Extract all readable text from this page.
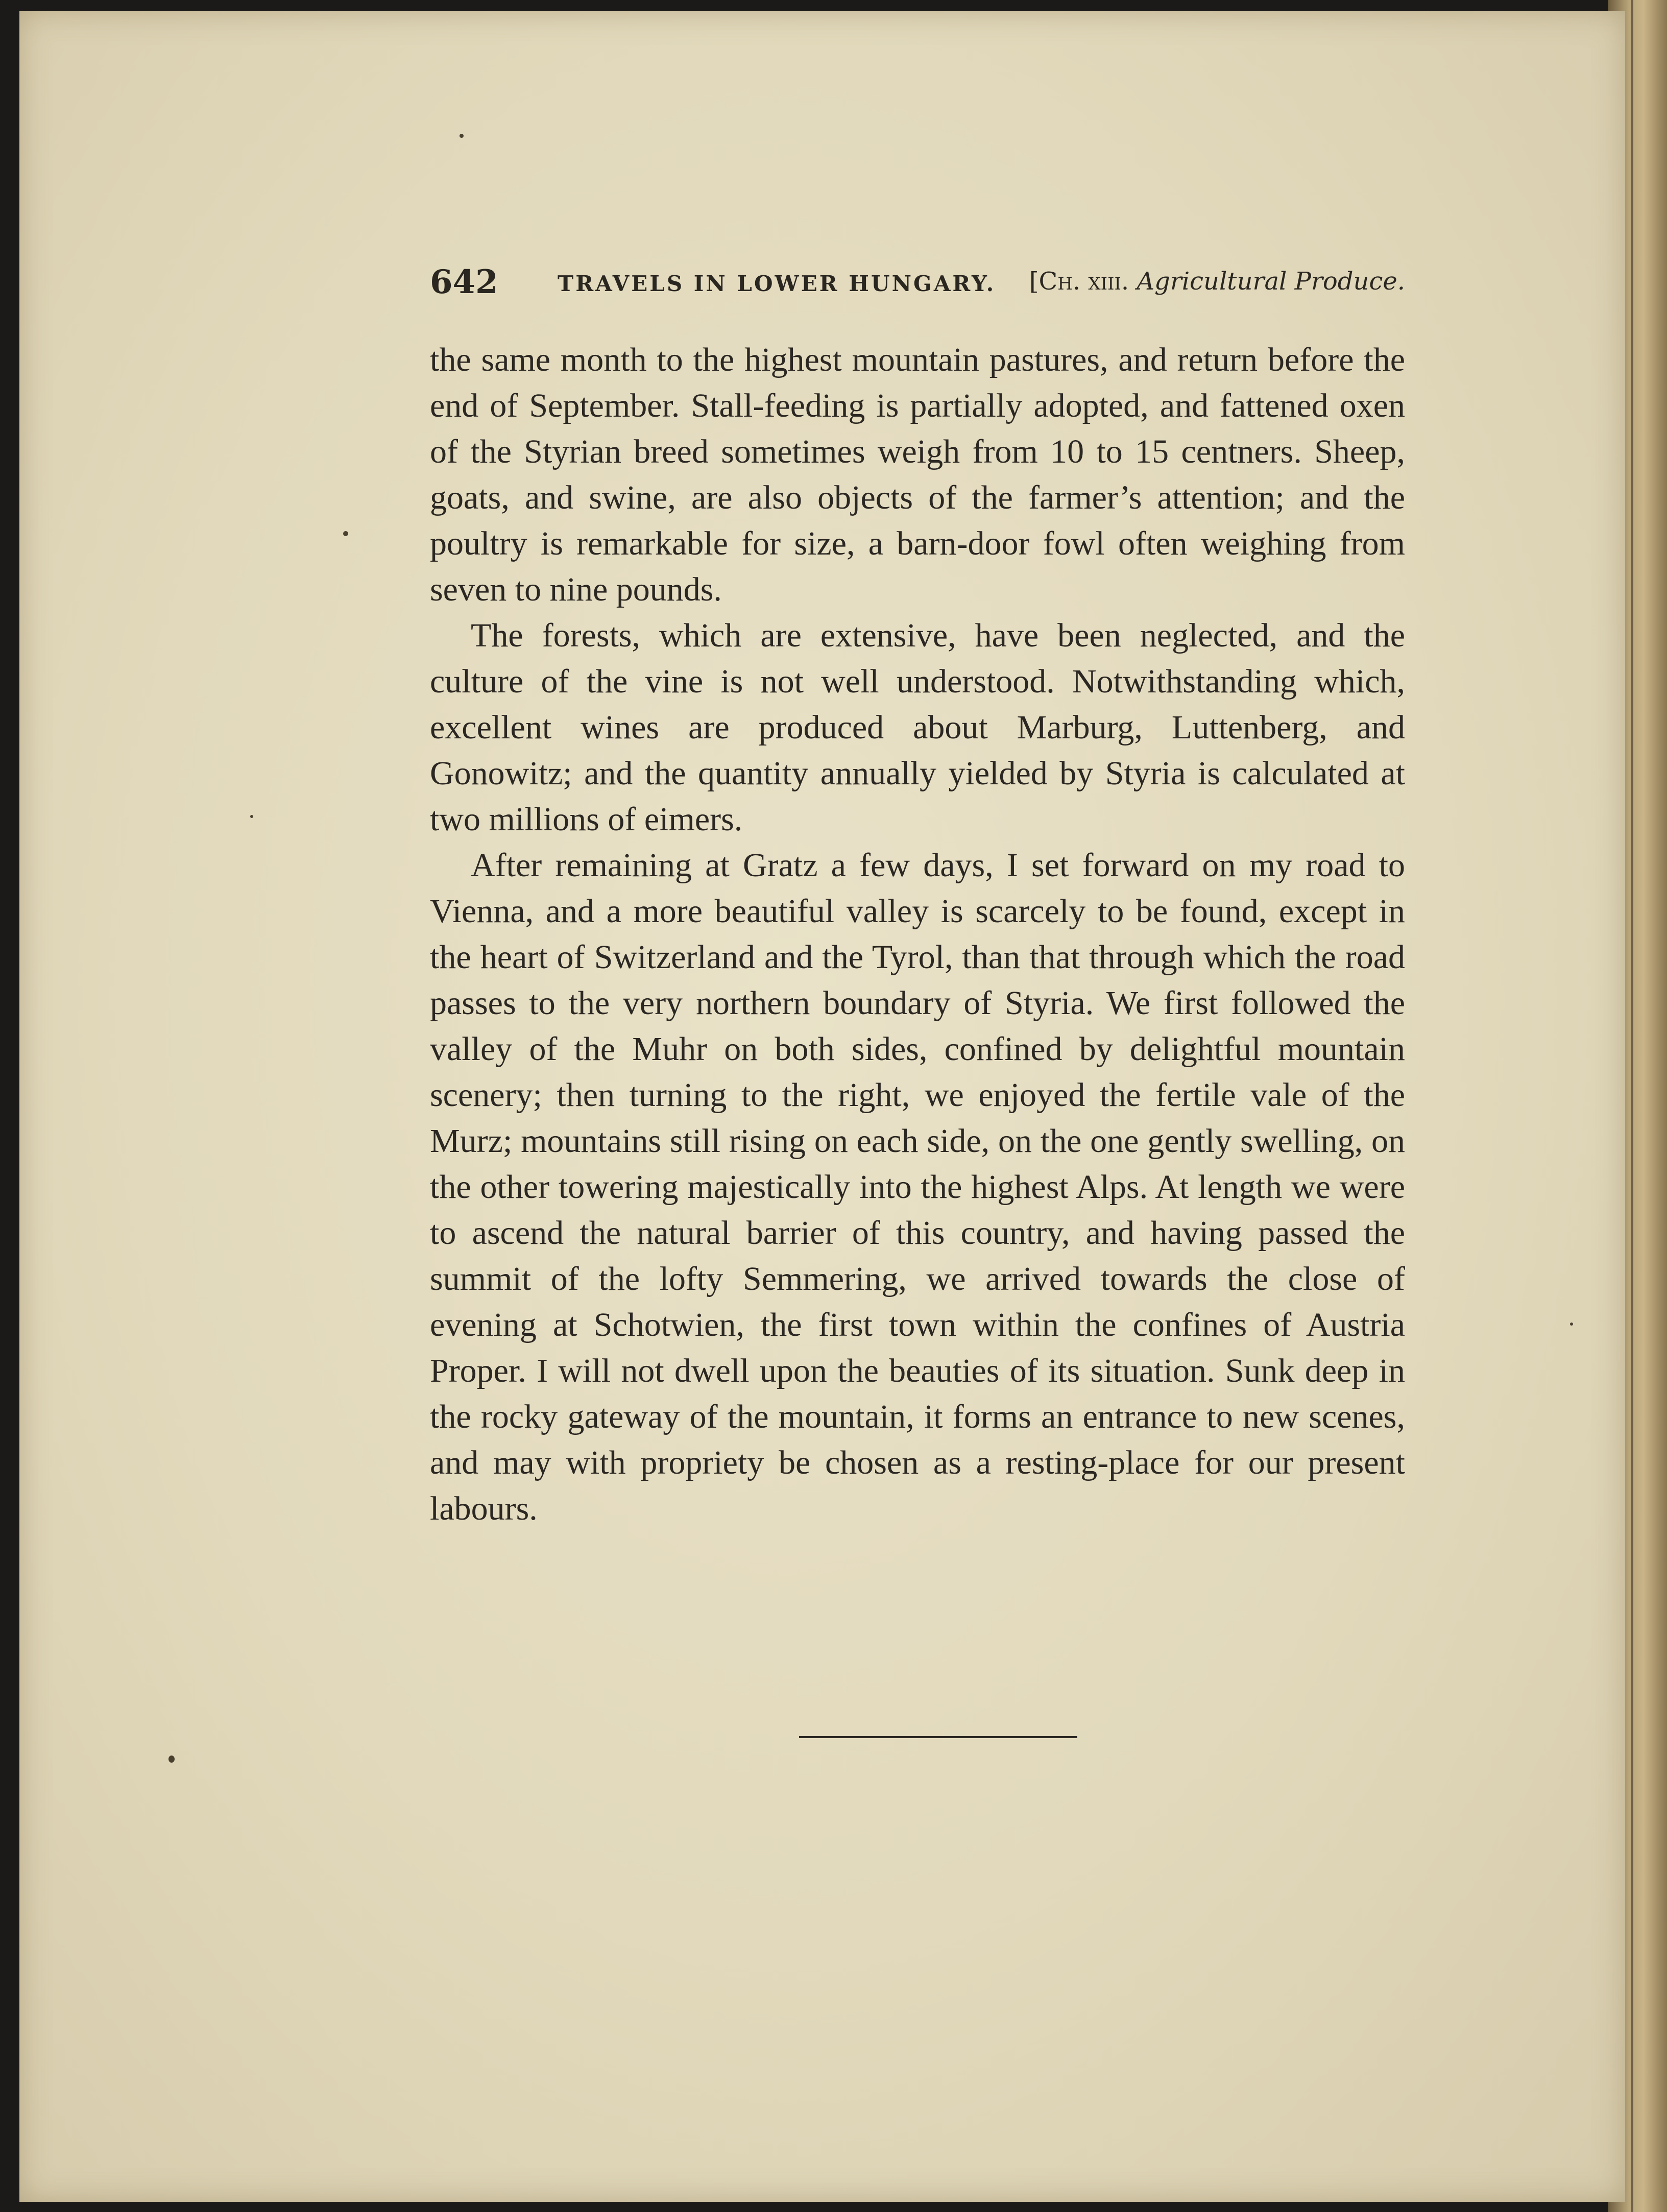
642	TRAVELS IN LOWER HUNGARY. [Ch. xiii. Agricultural Produce.

the same month to the highest mountain pastures, and return before the end of September. Stall-feeding is partially adopted, and fattened oxen of the Styrian breed sometimes weigh from 10 to 15 centners. Sheep, goats, and swine, are also objects of the farmer’s attention; and the poultry is remarkable for size, a barn-door fowl often weighing from seven to nine pounds.

The forests, which are extensive, have been neglected, and the culture of the vine is not well understood. Notwithstanding which, excellent wines are produced about Marburg, Luttenberg, and Gonowitz; and the quantity annually yielded by Styria is calculated at two millions of eimers.

After remaining at Gratz a few days, I set forward on my road to Vienna, and a more beautiful valley is scarcely to be found, except in the heart of Switzerland and the Tyrol, than that through which the road passes to the very northern boundary of Styria. We first followed the valley of the Muhr on both sides, confined by delightful mountain scenery; then turning to the right, we enjoyed the fertile vale of the Murz; mountains still rising on each side, on the one gently swelling, on the other towering majestically into the highest Alps. At length we were to ascend the natural barrier of this country, and having passed the summit of the lofty Semmering, we arrived towards the close of evening at Schotwien, the first town within the confines of Austria Proper. I will not dwell upon the beauties of its situation. Sunk deep in the rocky gateway of the mountain, it forms an entrance to new scenes, and may with propriety be chosen as a resting-place for our present labours.
